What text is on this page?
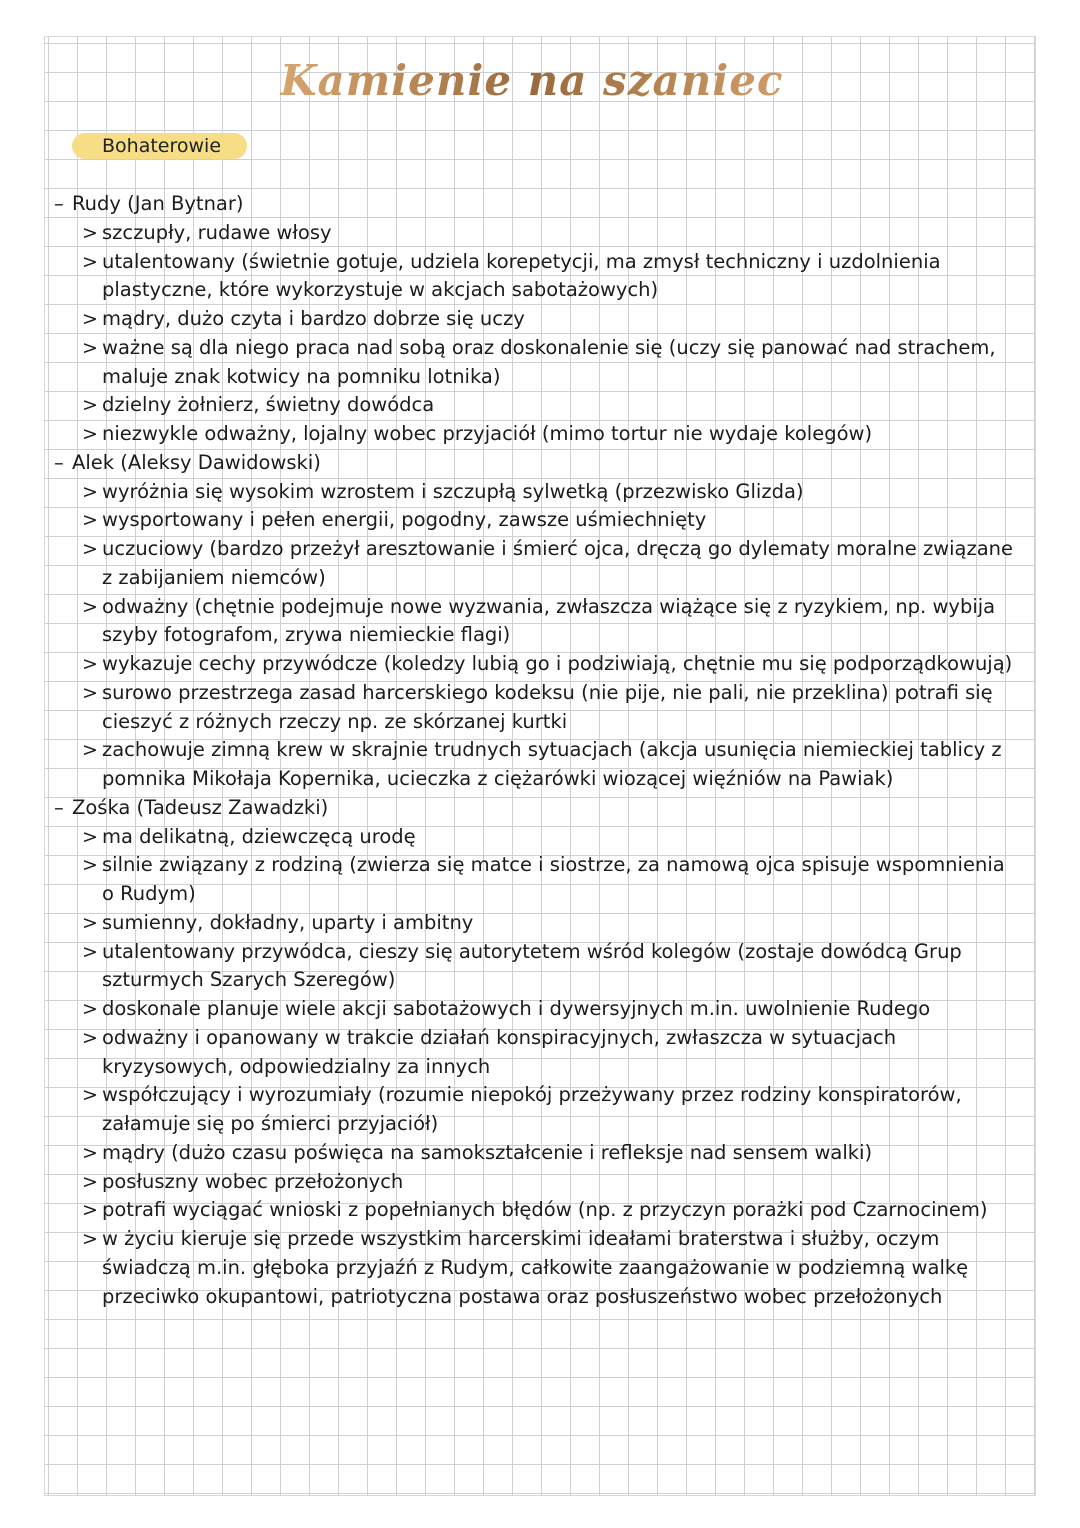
Kamienie na szaniec
Bohaterowie

– Rudy (Jan Bytnar)

> szczupły, rudawe włosy
> utalentowany (świetnie gotuje, udziela korepetycji, ma zmysł techniczny i uzdolnienia plastyczne, które wykorzystuje w akcjach sabotażowych)
> mądry, dużo czyta i bardzo dobrze się uczy
> ważne są dla niego praca nad sobą oraz doskonalenie się (uczy się panować nad strachem, maluje znak kotwicy na pomniku lotnika)
> dzielny żołnierz, świetny dowódca
> niezwykle odważny, lojalny wobec przyjaciół (mimo tortur nie wydaje kolegów)

– Alek (Aleksy Dawidowski)

> wyróżnia się wysokim wzrostem i szczupłą sylwetką (przezwisko Glizda)
> wysportowany i pełen energii, pogodny, zawsze uśmiechnięty
> uczuciowy (bardzo przeżył aresztowanie i śmierć ojca, dręczą go dylematy moralne związane z zabijaniem niemców)
> odważny (chętnie podejmuje nowe wyzwania, zwłaszcza wiążące się z ryzykiem, np. wybija szyby fotografom, zrywa niemieckie flagi)
> wykazuje cechy przywódcze (koledzy lubią go i podziwiają, chętnie mu się podporządkowują)
> surowo przestrzega zasad harcerskiego kodeksu (nie pije, nie pali, nie przeklina) potrafi się cieszyć z różnych rzeczy np. ze skórzanej kurtki
> zachowuje zimną krew w skrajnie trudnych sytuacjach (akcja usunięcia niemieckiej tablicy z pomnika Mikołaja Kopernika, ucieczka z ciężarówki wiozącej więźniów na Pawiak)

– Zośka (Tadeusz Zawadzki)

> ma delikatną, dziewczęcą urodę
> silnie związany z rodziną (zwierza się matce i siostrze, za namową ojca spisuje wspomnienia o Rudym)
> sumienny, dokładny, uparty i ambitny
> utalentowany przywódca, cieszy się autorytetem wśród kolegów (zostaje dowódcą Grup szturmych Szarych Szeregów)
> doskonale planuje wiele akcji sabotażowych i dywersyjnych m.in. uwolnienie Rudego
> odważny i opanowany w trakcie działań konspiracyjnych, zwłaszcza w sytuacjach kryzysowych, odpowiedzialny za innych
> współczujący i wyrozumiały (rozumie niepokój przeżywany przez rodziny konspiratorów, załamuje się po śmierci przyjaciół)
> mądry (dużo czasu poświęca na samokształcenie i refleksje nad sensem walki)
> posłuszny wobec przełożonych
> potrafi wyciągać wnioski z popełnianych błędów (np. z przyczyn porażki pod Czarnocinem)
> w życiu kieruje się przede wszystkim harcerskimi ideałami braterstwa i służby, oczym świadczą m.in. głęboka przyjaźń z Rudym, całkowite zaangażowanie w podziemną walkę przeciwko okupantowi, patriotyczna postawa oraz posłuszeństwo wobec przełożonych
